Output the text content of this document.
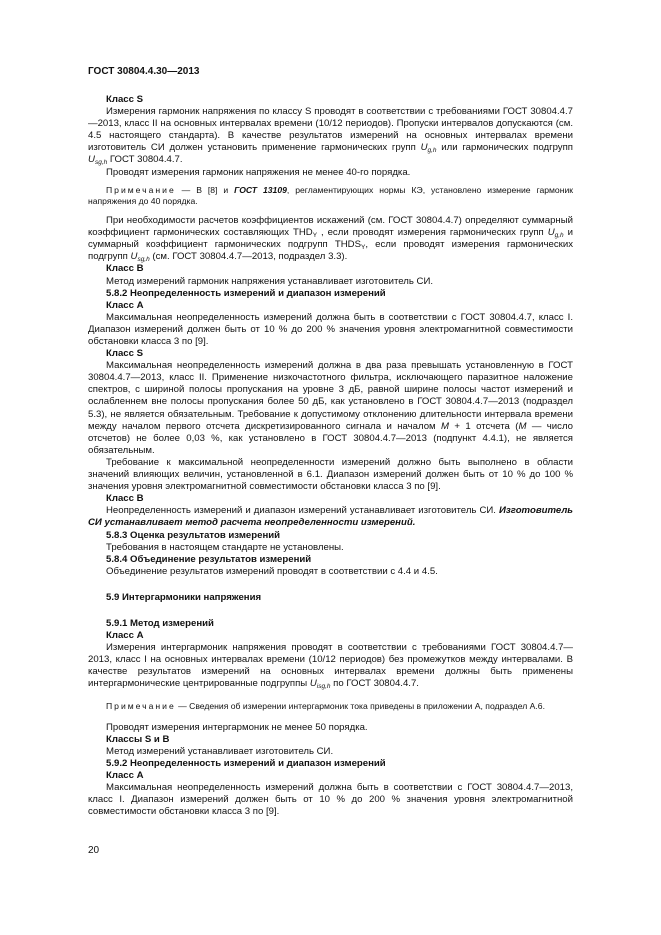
ГОСТ 30804.4.30—2013

Класс S

Измерения гармоник напряжения по классу S проводят в соответствии с требованиями ГОСТ 30804.4.7—2013, класс II на основных интервалах времени (10/12 периодов). Пропуски интервалов допускаются (см. 4.5 настоящего стандарта). В качестве результатов измерений на основных интервалах времени изготовитель СИ должен установить применение гармонических групп $U_{g,h}$ или гармонических подгрупп $U_{sg,h}$ ГОСТ 30804.4.7.

Проводят измерения гармоник напряжения не менее 40-го порядка.

Примечание — В [8] и ГОСТ 13109, регламентирующих нормы КЭ, установлено измерение гармоник напряжения до 40 порядка.

При необходимости расчетов коэффициентов искажений (см. ГОСТ 30804.4.7) определяют суммарный коэффициент гармонических составляющих $THD_Y$ , если проводят измерения гармонических групп $U_{g,h}$ и суммарный коэффициент гармонических подгрупп $THDS_Y$, если проводят измерения гармонических подгрупп $U_{sg,h}$ (см. ГОСТ 30804.4.7—2013, подраздел 3.3).

Класс B

Метод измерений гармоник напряжения устанавливает изготовитель СИ.

5.8.2 Неопределенность измерений и диапазон измерений

Класс A

Максимальная неопределенность измерений должна быть в соответствии с ГОСТ 30804.4.7, класс I. Диапазон измерений должен быть от 10 % до 200 % значения уровня электромагнитной совместимости обстановки класса 3 по [9].

Класс S

Максимальная неопределенность измерений должна в два раза превышать установленную в ГОСТ 30804.4.7—2013, класс II. Применение низкочастотного фильтра, исключающего паразитное наложение спектров, с шириной полосы пропускания на уровне 3 дБ, равной ширине полосы частот измерений и ослабленнем вне полосы пропускания более 50 дБ, как установлено в ГОСТ 30804.4.7—2013 (подраздел 5.3), не является обязательным. Требование к допустимому отклонению длительности интервала времени между началом первого отсчета дискретизированного сигнала и началом M + 1 отсчета (M — число отсчетов) не более 0,03 %, как установлено в ГОСТ 30804.4.7—2013 (подпункт 4.4.1), не является обязательным.

Требование к максимальной неопределенности измерений должно быть выполнено в области значений влияющих величин, установленной в 6.1. Диапазон измерений должен быть от 10 % до 100 % значения уровня электромагнитной совместимости обстановки класса 3 по [9].

Класс B

Неопределенность измерений и диапазон измерений устанавливает изготовитель СИ. Изготовитель СИ устанавливает метод расчета неопределенности измерений.

5.8.3 Оценка результатов измерений

Требования в настоящем стандарте не установлены.

5.8.4 Объединение результатов измерений

Объединение результатов измерений проводят в соответствии с 4.4 и 4.5.

5.9 Интергармоники напряжения

5.9.1 Метод измерений

Класс A

Измерения интергармоник напряжения проводят в соответствии с требованиями ГОСТ 30804.4.7—2013, класс I на основных интервалах времени (10/12 периодов) без промежутков между интервалами. В качестве результатов измерений на основных интервалах времени должны быть применены интергармонические центрированные подгруппы $U_{isg,h}$ по ГОСТ 30804.4.7.

Примечание — Сведения об измерении интергармоник тока приведены в приложении А, подраздел А.6.

Проводят измерения интергармоник не менее 50 порядка.

Классы S и B

Метод измерений устанавливает изготовитель СИ.

5.9.2 Неопределенность измерений и диапазон измерений

Класс A

Максимальная неопределенность измерений должна быть в соответствии с ГОСТ 30804.4.7—2013, класс I. Диапазон измерений должен быть от 10 % до 200 % значения уровня электромагнитной совместимости обстановки класса 3 по [9].

20
